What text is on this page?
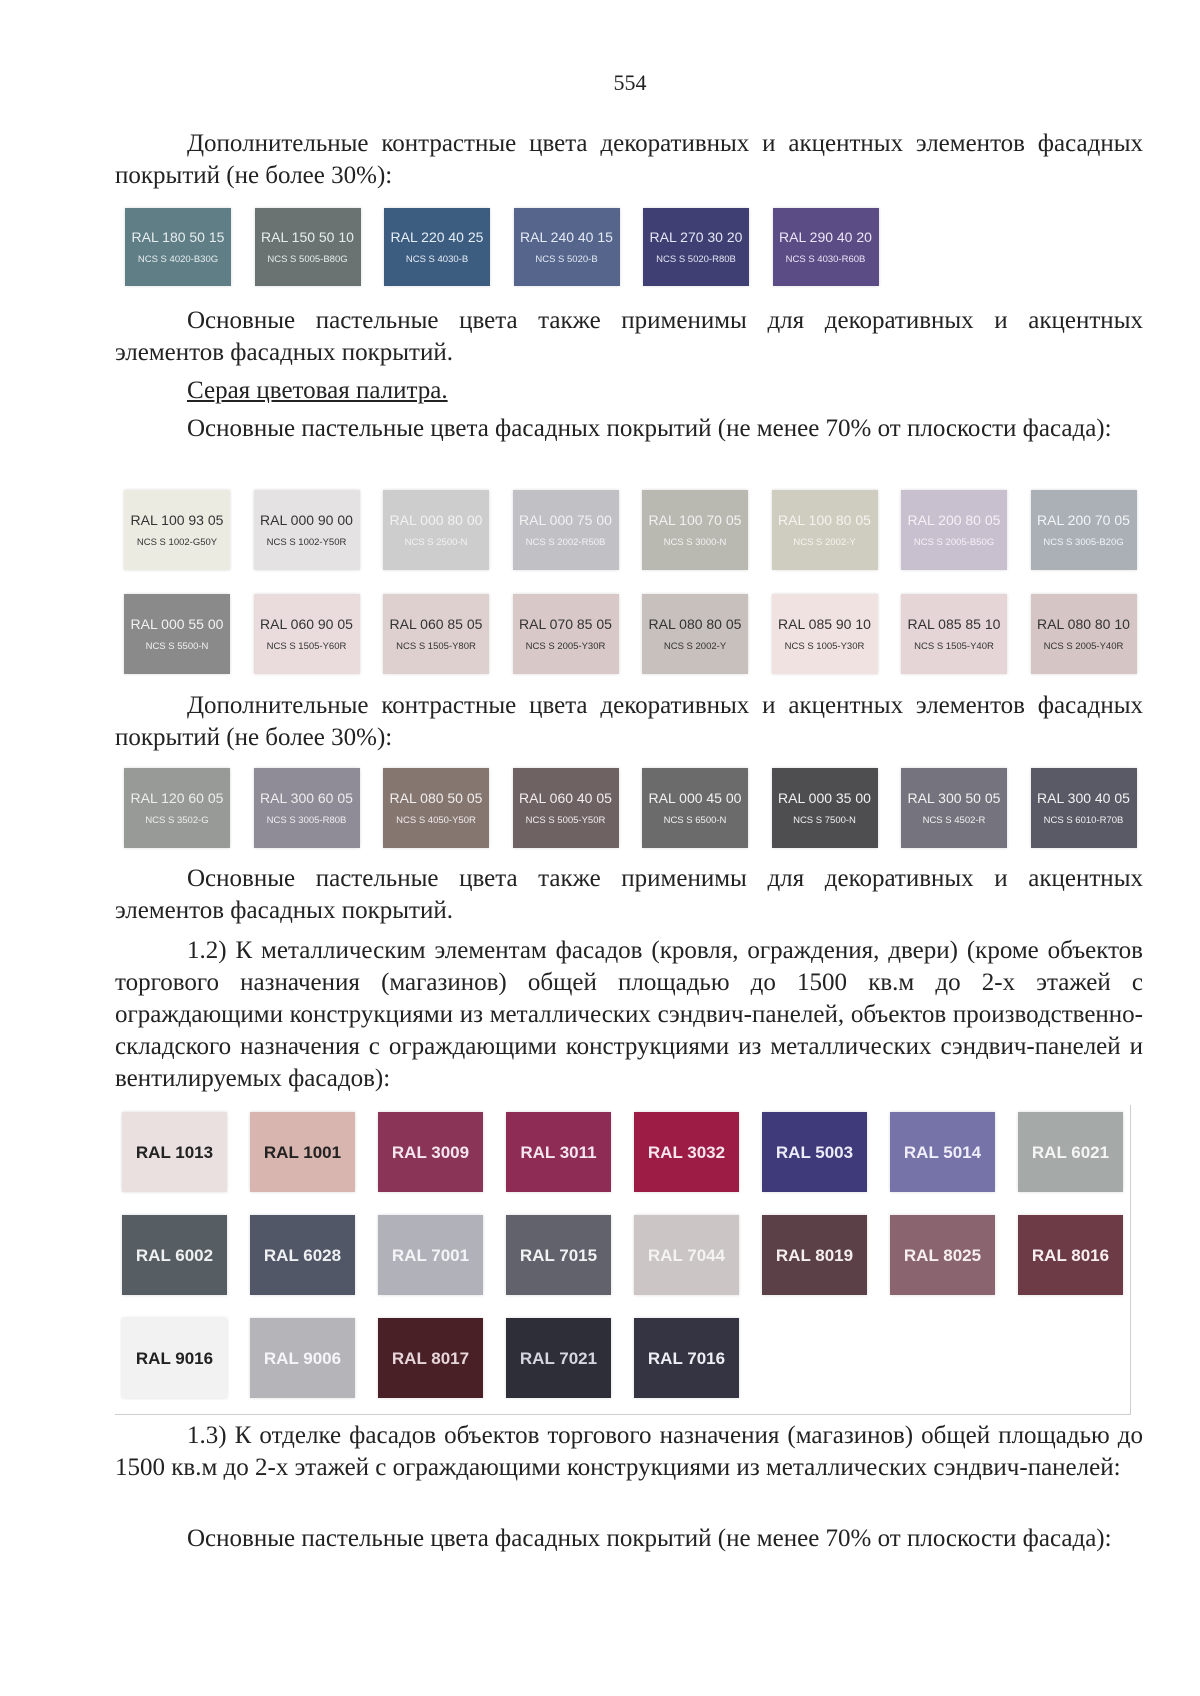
554

Дополнительные контрастные цвета декоративных и акцентных элементов фасадных покрытий (не более 30%):

RAL 180 50 15
NCS S 4020-B30G
RAL 150 50 10
NCS S 5005-B80G
RAL 220 40 25
NCS S 4030-B
RAL 240 40 15
NCS S 5020-B
RAL 270 30 20
NCS S 5020-R80B
RAL 290 40 20
NCS S 4030-R60B

Основные пастельные цвета также применимы для декоративных и акцентных элементов фасадных покрытий.

Серая цветовая палитра.

Основные пастельные цвета фасадных покрытий (не менее 70% от плоскости фасада):

RAL 100 93 05
NCS S 1002-G50Y
RAL 000 90 00
NCS S 1002-Y50R
RAL 000 80 00
NCS S 2500-N
RAL 000 75 00
NCS S 2002-R50B
RAL 100 70 05
NCS S 3000-N
RAL 100 80 05
NCS S 2002-Y
RAL 200 80 05
NCS S 2005-B50G
RAL 200 70 05
NCS S 3005-B20G
RAL 000 55 00
NCS S 5500-N
RAL 060 90 05
NCS S 1505-Y60R
RAL 060 85 05
NCS S 1505-Y80R
RAL 070 85 05
NCS S 2005-Y30R
RAL 080 80 05
NCS S 2002-Y
RAL 085 90 10
NCS S 1005-Y30R
RAL 085 85 10
NCS S 1505-Y40R
RAL 080 80 10
NCS S 2005-Y40R

Дополнительные контрастные цвета декоративных и акцентных элементов фасадных покрытий (не более 30%):

RAL 120 60 05
NCS S 3502-G
RAL 300 60 05
NCS S 3005-R80B
RAL 080 50 05
NCS S 4050-Y50R
RAL 060 40 05
NCS S 5005-Y50R
RAL 000 45 00
NCS S 6500-N
RAL 000 35 00
NCS S 7500-N
RAL 300 50 05
NCS S 4502-R
RAL 300 40 05
NCS S 6010-R70B

Основные пастельные цвета также применимы для декоративных и акцентных элементов фасадных покрытий.

1.2) К металлическим элементам фасадов (кровля, ограждения, двери) (кроме объектов торгового назначения (магазинов) общей площадью до 1500 кв.м до 2-х этажей с ограждающими конструкциями из металлических сэндвич-панелей, объектов производственно-складского назначения с ограждающими конструкциями из металлических сэндвич-панелей и вентилируемых фасадов):

RAL 1013	RAL 1001	RAL 3009	RAL 3011	RAL 3032	RAL 5003	RAL 5014	RAL 6021
RAL 6002	RAL 6028	RAL 7001	RAL 7015	RAL 7044	RAL 8019	RAL 8025	RAL 8016
RAL 9016	RAL 9006	RAL 8017	RAL 7021	RAL 7016

1.3) К отделке фасадов объектов торгового назначения (магазинов) общей площадью до 1500 кв.м до 2-х этажей с ограждающими конструкциями из металлических сэндвич-панелей:

Основные пастельные цвета фасадных покрытий (не менее 70% от плоскости фасада):
